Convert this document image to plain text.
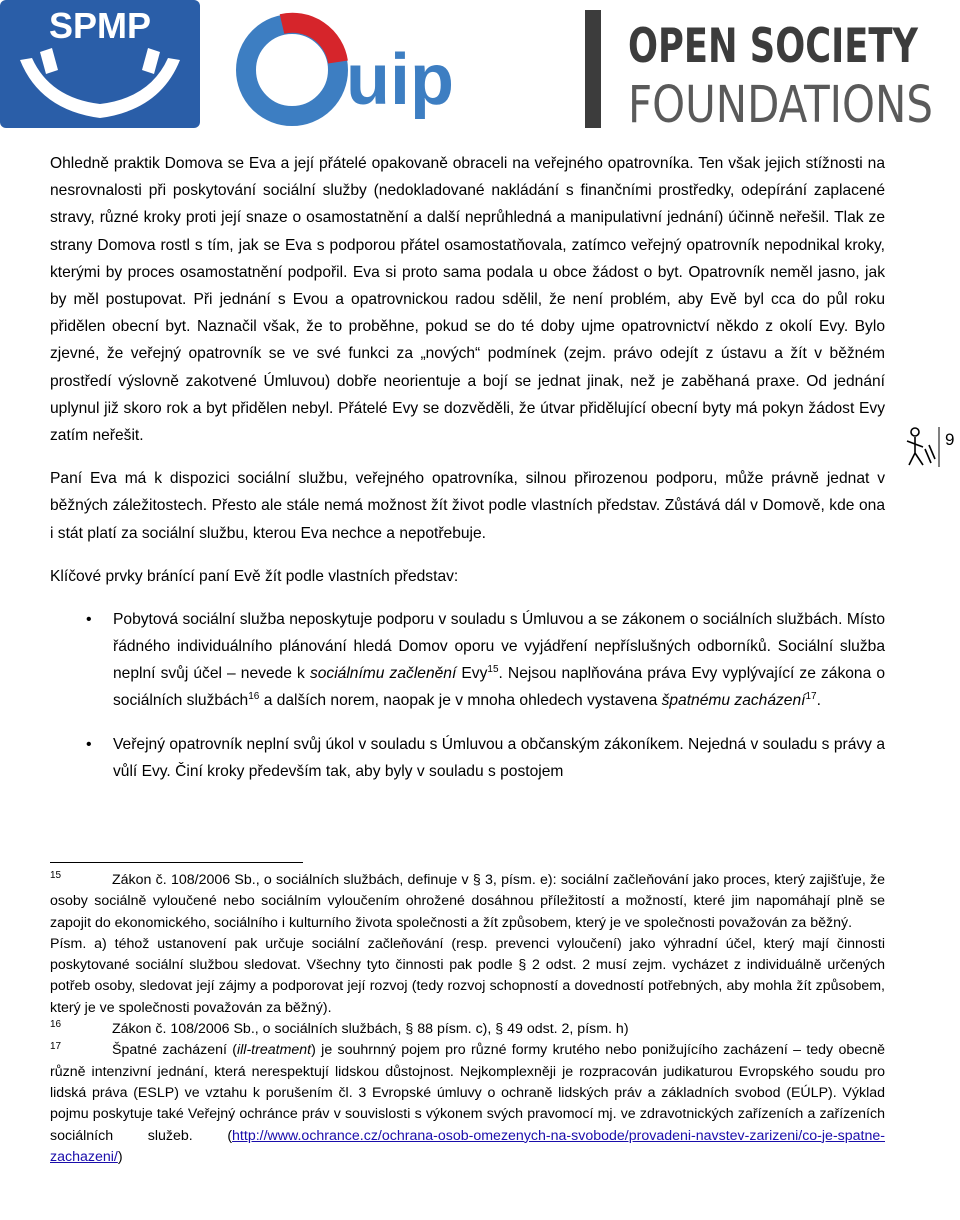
SPMP
uip	OPEN SOCIETY
FOUNDATIONS

Ohledně praktik Domova se Eva a její přátelé opakovaně obraceli na veřejného opatrovníka. Ten však jejich stížnosti na nesrovnalosti při poskytování sociální služby (nedokladované nakládání s finančními prostředky, odepírání zaplacené stravy, různé kroky proti její snaze o osamostatnění a další neprůhledná a manipulativní jednání) účinně neřešil. Tlak ze strany Domova rostl s tím, jak se Eva s podporou přátel osamostatňovala, zatímco veřejný opatrovník nepodnikal kroky, kterými by proces osamostatnění podpořil. Eva si proto sama podala u obce žádost o byt. Opatrovník neměl jasno, jak by měl postupovat. Při jednání s Evou a opatrovnickou radou sdělil, že není problém, aby Evě byl cca do půl roku přidělen obecní byt. Naznačil však, že to proběhne, pokud se do té doby ujme opatrovnictví někdo z okolí Evy. Bylo zjevné, že veřejný opatrovník se ve své funkci za „nových“ podmínek (zejm. právo odejít z ústavu a žít v běžném prostředí výslovně zakotvené Úmluvou) dobře neorientuje a bojí se jednat jinak, než je zaběhaná praxe. Od jednání uplynul již skoro rok a byt přidělen nebyl. Přátelé Evy se dozvěděli, že útvar přidělující obecní byty má pokyn žádost Evy zatím neřešit.

Paní Eva má k dispozici sociální službu, veřejného opatrovníka, silnou přirozenou podporu, může právně jednat v běžných záležitostech. Přesto ale stále nemá možnost žít život podle vlastních představ. Zůstává dál v Domově, kde ona i stát platí za sociální službu, kterou Eva nechce a nepotřebuje.

Klíčové prvky bránící paní Evě žít podle vlastních představ:

• Pobytová sociální služba neposkytuje podporu v souladu s Úmluvou a se zákonem o sociálních službách. Místo řádného individuálního plánování hledá Domov oporu ve vyjádření nepříslušných odborníků. Sociální služba neplní svůj účel – nevede k sociálnímu začlenění Evy$^{15}$. Nejsou naplňována práva Evy vyplývající ze zákona o sociálních službách$^{16}$ a dalších norem, naopak je v mnoha ohledech vystavena špatnému zacházení$^{17}$.
• Veřejný opatrovník neplní svůj úkol v souladu s Úmluvou a občanským zákoníkem. Nejedná v souladu s právy a vůlí Evy. Činí kroky především tak, aby byly v souladu s postojem
9

15	Zákon č. 108/2006 Sb., o sociálních službách, definuje v § 3, písm. e): sociální začleňování jako proces, který zajišťuje, že osoby sociálně vyloučené nebo sociálním vyloučením ohrožené dosáhnou příležitostí a možností, které jim napomáhají plně se zapojit do ekonomického, sociálního i kulturního života společnosti a žít způsobem, který je ve společnosti považován za běžný.

Písm. a) téhož ustanovení pak určuje sociální začleňování (resp. prevenci vyloučení) jako výhradní účel, který mají činnosti poskytované sociální službou sledovat. Všechny tyto činnosti pak podle § 2 odst. 2 musí zejm. vycházet z individuálně určených potřeb osoby, sledovat její zájmy a podporovat její rozvoj (tedy rozvoj schopností a dovedností potřebných, aby mohla žít způsobem, který je ve společnosti považován za běžný).

16	Zákon č. 108/2006 Sb., o sociálních službách, § 88 písm. c), § 49 odst. 2, písm. h)

17	Špatné zacházení (ill-treatment) je souhrnný pojem pro různé formy krutého nebo ponižujícího zacházení – tedy obecně různě intenzivní jednání, která nerespektují lidskou důstojnost. Nejkomplexněji je rozpracován judikaturou Evropského soudu pro lidská práva (ESLP) ve vztahu k porušením čl. 3 Evropské úmluvy o ochraně lidských práv a základních svobod (EÚLP). Výklad pojmu poskytuje také Veřejný ochránce práv v souvislosti s výkonem svých pravomocí mj. ve zdravotnických zařízeních a zařízeních sociálních služeb. (http://www.ochrance.cz/ochrana-osob-omezenych-na-svobode/provadeni-navstev-zarizeni/co-je-spatne-zachazeni/)
